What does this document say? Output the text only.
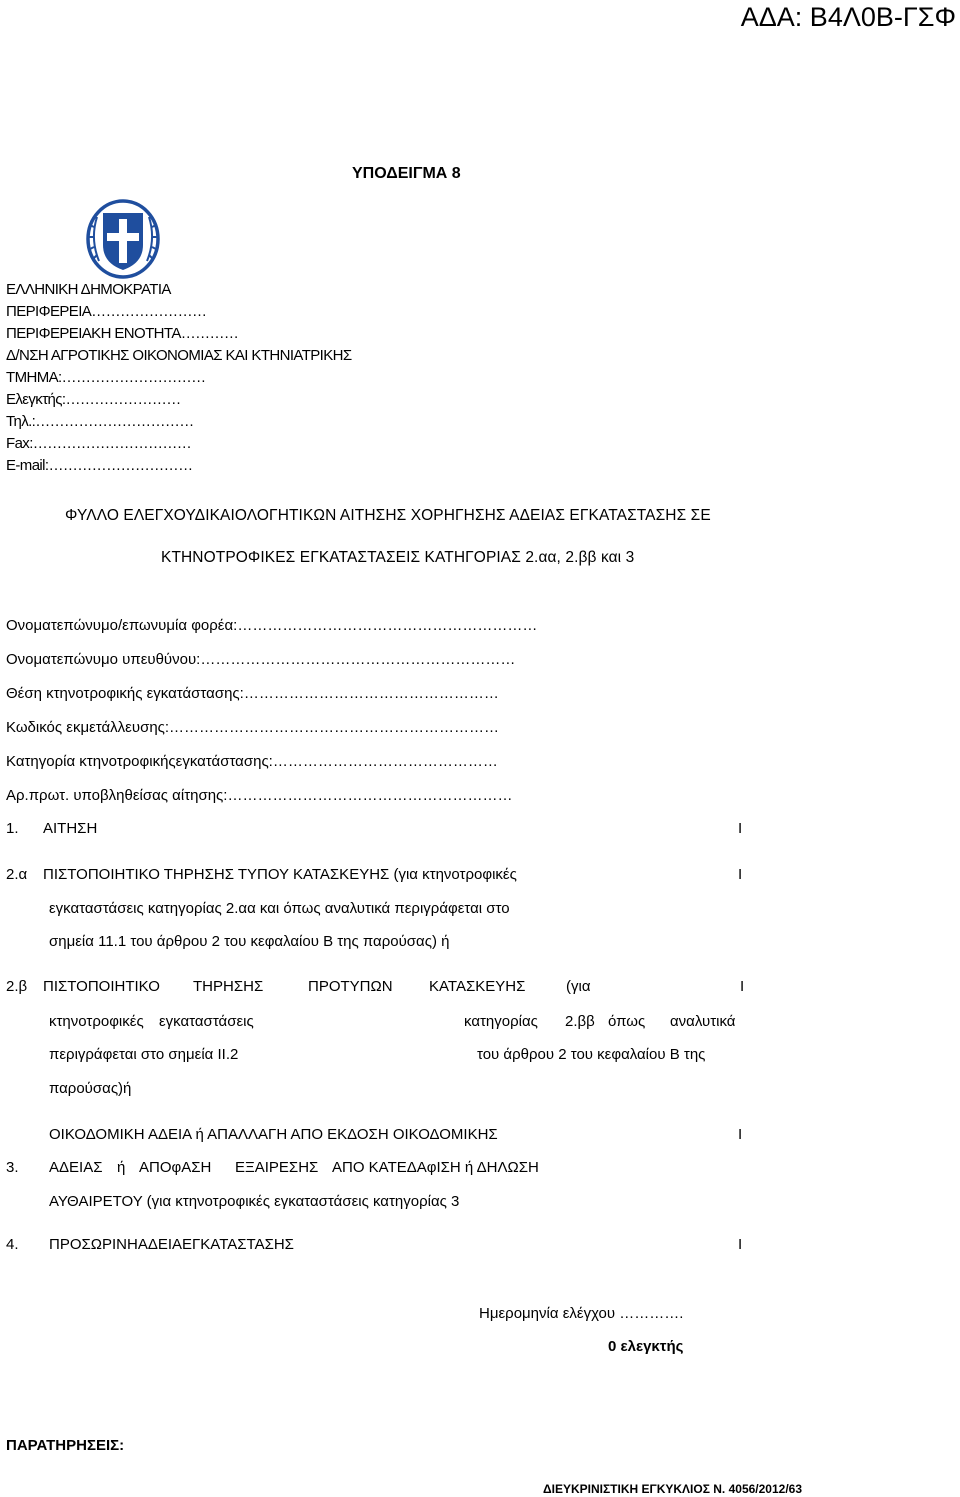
ΑΔΑ: Β4Λ0Β-ΓΣΦ
ΥΠΟΔΕΙΓΜΑ 8
ΕΛΛΗΝΙΚΗ ΔΗΜΟΚΡΑΤΙΑ
ΠΕΡΙΦΕΡΕΙΑ……………………
ΠΕΡΙΦΕΡΕΙΑΚΗ ΕΝΟΤΗΤΑ…………
Δ/ΝΣΗ ΑΓΡΟΤΙΚΗΣ ΟΙΚΟΝΟΜΙΑΣ ΚΑΙ ΚΤΗΝΙΑΤΡΙΚΗΣ
ΤΜΗΜΑ:…………………………
Ελεγκτής:……………………
Τηλ.:……………………………
Fax:……………………………
E-mail:…………………………
ΦΥΛΛΟ ΕΛΕΓΧΟΥΔΙΚΑΙΟΛΟΓΗΤΙΚΩΝ ΑΙΤΗΣΗΣ ΧΟΡΗΓΗΣΗΣ ΑΔΕΙΑΣ ΕΓΚΑΤΑΣΤΑΣΗΣ ΣΕ
ΚΤΗΝΟΤΡΟΦΙΚΕΣ ΕΓΚΑΤΑΣΤΑΣΕΙΣ ΚΑΤΗΓΟΡΙΑΣ 2.αα, 2.ββ και 3
Ονοματεπώνυμο/επωνυμία φορέα:……………………………………………………
Ονοματεπώνυμο υπευθύνου:………………………………………………………
Θέση κτηνοτροφικής εγκατάστασης:……………………………………………
Κωδικός εκμετάλλευσης:…………………………………………………………
Κατηγορία κτηνοτροφικήςεγκατάστασης:………………………………………
Αρ.πρωτ. υποβληθείσας αίτησης:…………………………………………………
1. ΑΙΤΗΣΗ	Ι
2.α ΠΙΣΤΟΠΟΙΗΤΙΚΟ ΤΗΡΗΣΗΣ ΤΥΠΟΥ ΚΑΤΑΣΚΕΥΗΣ (για κτηνοτροφικές
εγκαταστάσεις κατηγορίας 2.αα και όπως αναλυτικά περιγράφεται στο
σημεία 11.1 του άρθρου 2 του κεφαλαίου Β της παρούσας) ή
Ι
2.β ΠΙΣΤΟΠΟΙΗΤΙΚΟ ΤΗΡΗΣΗΣ	ΠΡΟΤΥΠΩΝ ΚΑΤΑΣΚΕΥΗΣ	(για	Ι
κτηνοτροφικές εγκαταστάσεις	κατηγορίας 2.ββ όπως αναλυτικά
περιγράφεται στο σημεία ΙΙ.2	του άρθρου 2 του κεφαλαίου Β της
παρούσας)ή
ΟΙΚΟΔΟΜΙΚΗ ΑΔΕΙΑ ή ΑΠΑΛΛΑΓΗ ΑΠΟ ΕΚΔΟΣΗ ΟΙΚΟΔΟΜΙΚΗΣ	Ι
3. ΑΔΕΙΑΣ ή ΑΠΟφΑΣΗ ΕΞΑΙΡΕΣΗΣ ΑΠΟ ΚΑΤΕΔΑφΙΣΗ ή ΔΗΛΩΣΗ
ΑΥΘΑΙΡΕΤΟΥ (για κτηνοτροφικές εγκαταστάσεις κατηγορίας 3
4. ΠΡΟΣΩΡΙΝΗΑΔΕΙΑΕΓΚΑΤΑΣΤΑΣΗΣ	Ι
Ημερομηνία ελέγχου ………….
0 ελεγκτής
ΠΑΡΑΤΗΡΗΣΕΙΣ:
ΔΙΕΥΚΡΙΝΙΣΤΙΚΗ ΕΓΚΥΚΛΙΟΣ Ν. 4056/2012/63
